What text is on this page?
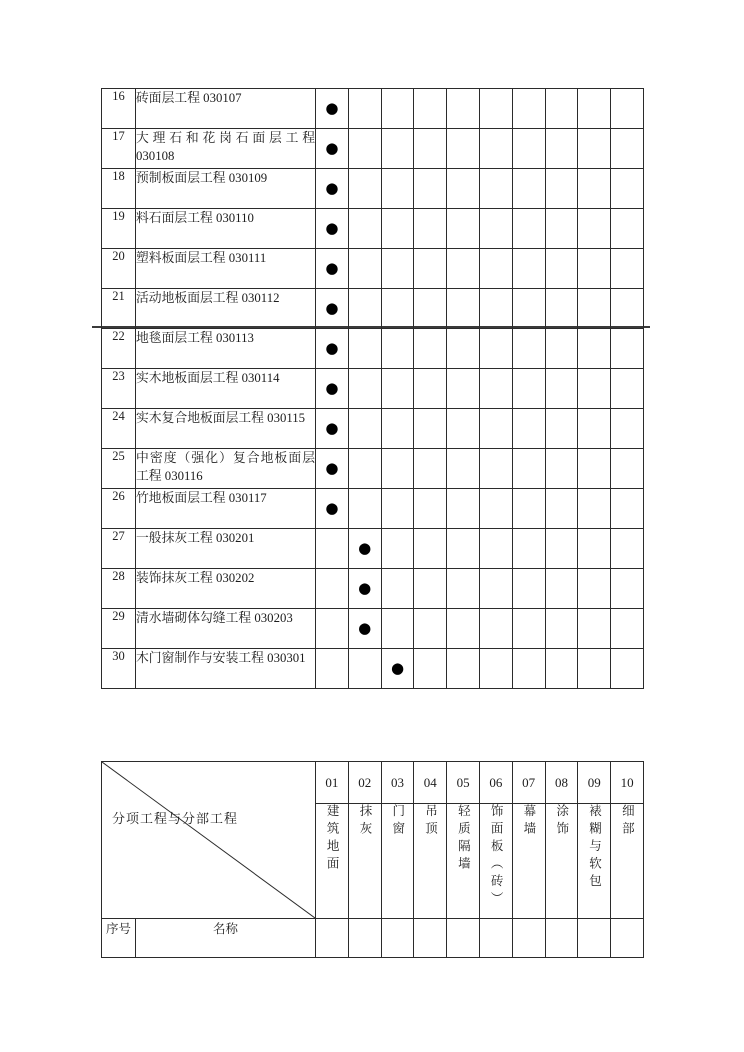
16	砖面层工程 030107	●									
17	大理石和花岗石面层工程 030108	●									
18	预制板面层工程 030109	●									
19	料石面层工程 030110	●									
20	塑料板面层工程 030111	●									
21	活动地板面层工程 030112	●									
22	地毯面层工程 030113	●									
23	实木地板面层工程 030114	●									
24	实木复合地板面层工程 030115	●									
25	中密度（强化）复合地板面层工程 030116	●									
26	竹地板面层工程 030117	●									
27	一般抹灰工程 030201		●								
28	装饰抹灰工程 030202		●								
29	清水墙砌体勾缝工程 030203		●								
30	木门窗制作与安装工程 030301			●							
分项工程与分部工程		01	02	03	04	05	06	07	08	09	10
		建筑地面	抹灰	门窗	吊顶	轻质隔墙	饰面板（砖）	幕墙	涂饰	裱糊与软包	细部
序号	名称										
